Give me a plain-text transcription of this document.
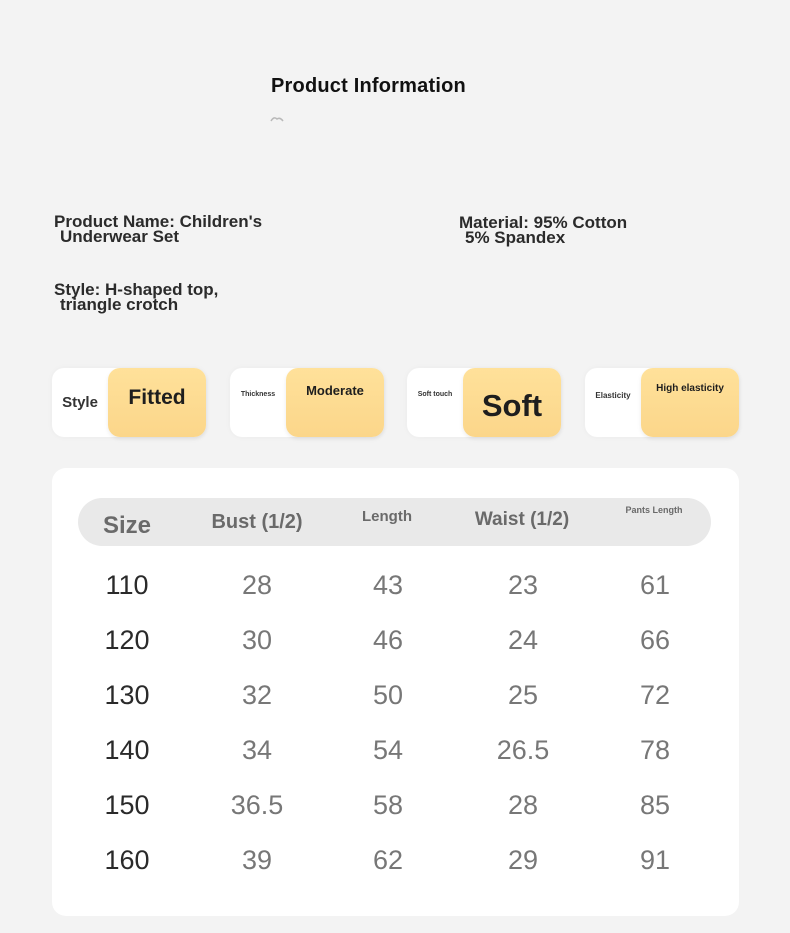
Product Information
Product Name: Children's
Underwear Set
Material: 95% Cotton
5% Spandex
Style: H-shaped top,
triangle crotch
Style	Fitted	Thickness	Moderate	Soft touch Soft	Elasticity
High elasticity
Size	Bust (1/2)	Length	Waist (1/2)	Pants Length
110	28	43	23	61
120	30	46	24	66
130	32	50	25	72
140	34	54	26.5	78
150	36.5	58	28	85
160	39	62	29	91
